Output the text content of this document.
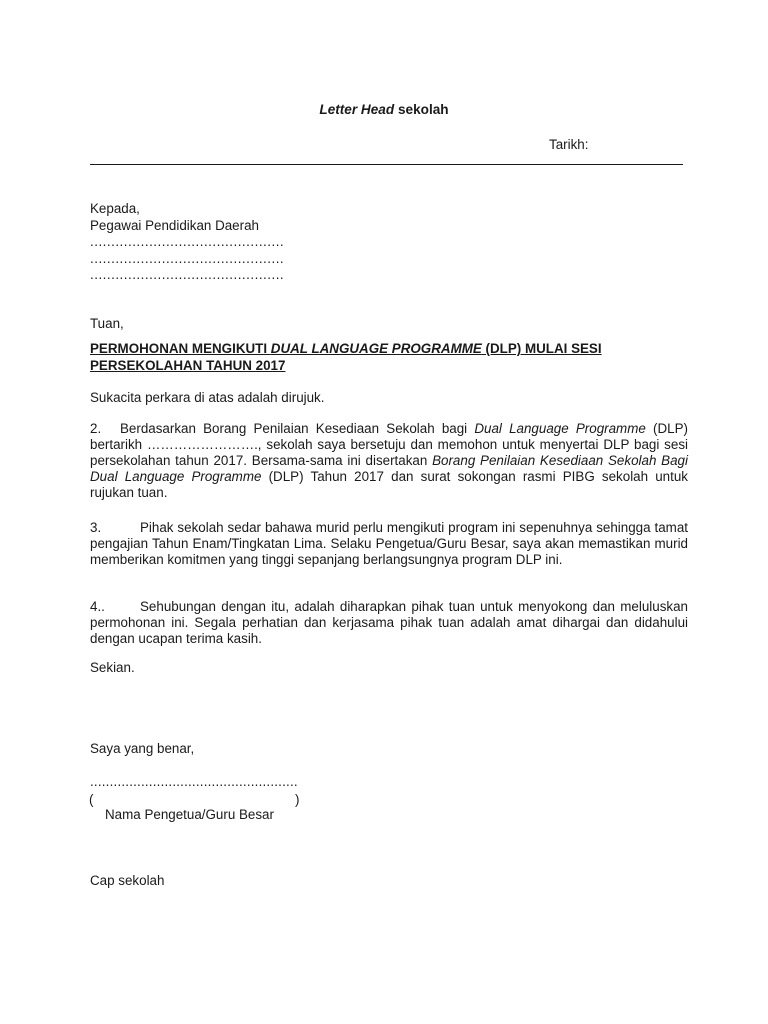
Letter Head sekolah
Tarikh:
Kepada,
Pegawai Pendidikan Daerah
..............................................
..............................................
..............................................
Tuan,
PERMOHONAN MENGIKUTI DUAL LANGUAGE PROGRAMME (DLP) MULAI SESI
PERSEKOLAHAN TAHUN 2017
Sukacita perkara di atas adalah dirujuk.
2. Berdasarkan Borang Penilaian Kesediaan Sekolah bagi Dual Language Programme (DLP) bertarikh ……………………., sekolah saya bersetuju dan memohon untuk menyertai DLP bagi sesi persekolahan tahun 2017. Bersama-sama ini disertakan Borang Penilaian Kesediaan Sekolah Bagi Dual Language Programme (DLP) Tahun 2017 dan surat sokongan rasmi PIBG sekolah untuk rujukan tuan.
3.	Pihak sekolah sedar bahawa murid perlu mengikuti program ini sepenuhnya sehingga tamat pengajian Tahun Enam/Tingkatan Lima. Selaku Pengetua/Guru Besar, saya akan memastikan murid memberikan komitmen yang tinggi sepanjang berlangsungnya program DLP ini.
4..	Sehubungan dengan itu, adalah diharapkan pihak tuan untuk menyokong dan meluluskan permohonan ini. Segala perhatian dan kerjasama pihak tuan adalah amat dihargai dan didahului dengan ucapan terima kasih.
Sekian.
Saya yang benar,
.....................................................
(	)
Nama Pengetua/Guru Besar
Cap sekolah
